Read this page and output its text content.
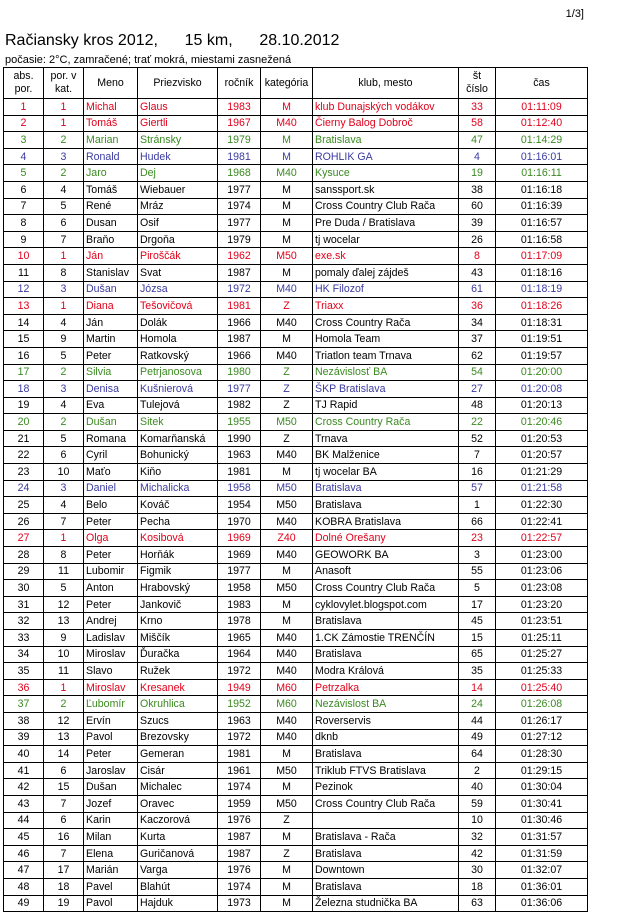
1/3]
Račiansky kros 2012,      15 km,      28.10.2012
počasie: 2°C, zamračené; trať mokrá, miestami zasnežená
abs. por.	por. v kat.	Meno	Priezvisko	ročník	kategória	klub, mesto	št číslo	čas
1	1	Michal	Glaus	1983	M	klub Dunajských vodákov	33	01:11:09
2	1	Tomáš	Giertli	1967	M40	Čierny Balog Dobroč	58	01:12:40
3	2	Marian	Stránsky	1979	M	Bratislava	47	01:14:29
4	3	Ronald	Hudek	1981	M	ROHLIK GA	4	01:16:01
5	2	Jaro	Dej	1968	M40	Kysuce	19	01:16:11
6	4	Tomáš	Wiebauer	1977	M	sanssport.sk	38	01:16:18
7	5	René	Mráz	1974	M	Cross Country Club Rača	60	01:16:39
8	6	Dusan	Osif	1977	M	Pre Duda / Bratislava	39	01:16:57
9	7	Braňo	Drgoňa	1979	M	tj wocelar	26	01:16:58
10	1	Ján	Piroščák	1962	M50	exe.sk	8	01:17:09
11	8	Stanislav	Svat	1987	M	pomaly ďalej zájdeš	43	01:18:16
12	3	Dušan	Józsa	1972	M40	HK Filozof	61	01:18:19
13	1	Diana	Tešovičová	1981	Z	Triaxx	36	01:18:26
14	4	Ján	Dolák	1966	M40	Cross Country Rača	34	01:18:31
15	9	Martin	Homola	1987	M	Homola Team	37	01:19:51
16	5	Peter	Ratkovský	1966	M40	Triatlon team Trnava	62	01:19:57
17	2	Silvia	Petrjanosova	1980	Z	Nezávislosť BA	54	01:20:00
18	3	Denisa	Kušnierová	1977	Z	ŠKP Bratislava	27	01:20:08
19	4	Eva	Tulejová	1982	Z	TJ Rapid	48	01:20:13
20	2	Dušan	Sitek	1955	M50	Cross Country Rača	22	01:20:46
21	5	Romana	Komarňanská	1990	Z	Trnava	52	01:20:53
22	6	Cyril	Bohunický	1963	M40	BK Malženice	7	01:20:57
23	10	Maťo	Kiňo	1981	M	tj wocelar BA	16	01:21:29
24	3	Daniel	Michalicka	1958	M50	Bratislava	57	01:21:58
25	4	Belo	Kováč	1954	M50	Bratislava	1	01:22:30
26	7	Peter	Pecha	1970	M40	KOBRA Bratislava	66	01:22:41
27	1	Olga	Kosibová	1969	Z40	Dolné Orešany	23	01:22:57
28	8	Peter	Horňák	1969	M40	GEOWORK BA	3	01:23:00
29	11	Lubomir	Figmik	1977	M	Anasoft	55	01:23:06
30	5	Anton	Hrabovský	1958	M50	Cross Country Club Rača	5	01:23:08
31	12	Peter	Jankovič	1983	M	cyklovylet.blogspot.com	17	01:23:20
32	13	Andrej	Krno	1978	M	Bratislava	45	01:23:51
33	9	Ladislav	Miščík	1965	M40	1.CK Zámostie TRENČÍN	15	01:25:11
34	10	Miroslav	Ďuračka	1964	M40	Bratislava	65	01:25:27
35	11	Slavo	Ružek	1972	M40	Modra Králová	35	01:25:33
36	1	Miroslav	Kresanek	1949	M60	Petrzalka	14	01:25:40
37	2	Ľubomír	Okruhlica	1952	M60	Nezávislost BA	24	01:26:08
38	12	Ervín	Szucs	1963	M40	Roverservis	44	01:26:17
39	13	Pavol	Brezovsky	1972	M40	dknb	49	01:27:12
40	14	Peter	Gemeran	1981	M	Bratislava	64	01:28:30
41	6	Jaroslav	Cisár	1961	M50	Triklub FTVS Bratislava	2	01:29:15
42	15	Dušan	Michalec	1974	M	Pezinok	40	01:30:04
43	7	Jozef	Oravec	1959	M50	Cross Country Club Rača	59	01:30:41
44	6	Karin	Kaczorová	1976	Z		10	01:30:46
45	16	Milan	Kurta	1987	M	Bratislava - Rača	32	01:31:57
46	7	Elena	Guričanová	1987	Z	Bratislava	42	01:31:59
47	17	Marián	Varga	1976	M	Downtown	30	01:32:07
48	18	Pavel	Blahút	1974	M	Bratislava	18	01:36:01
49	19	Pavol	Hajduk	1973	M	Železna studnička BA	63	01:36:06
